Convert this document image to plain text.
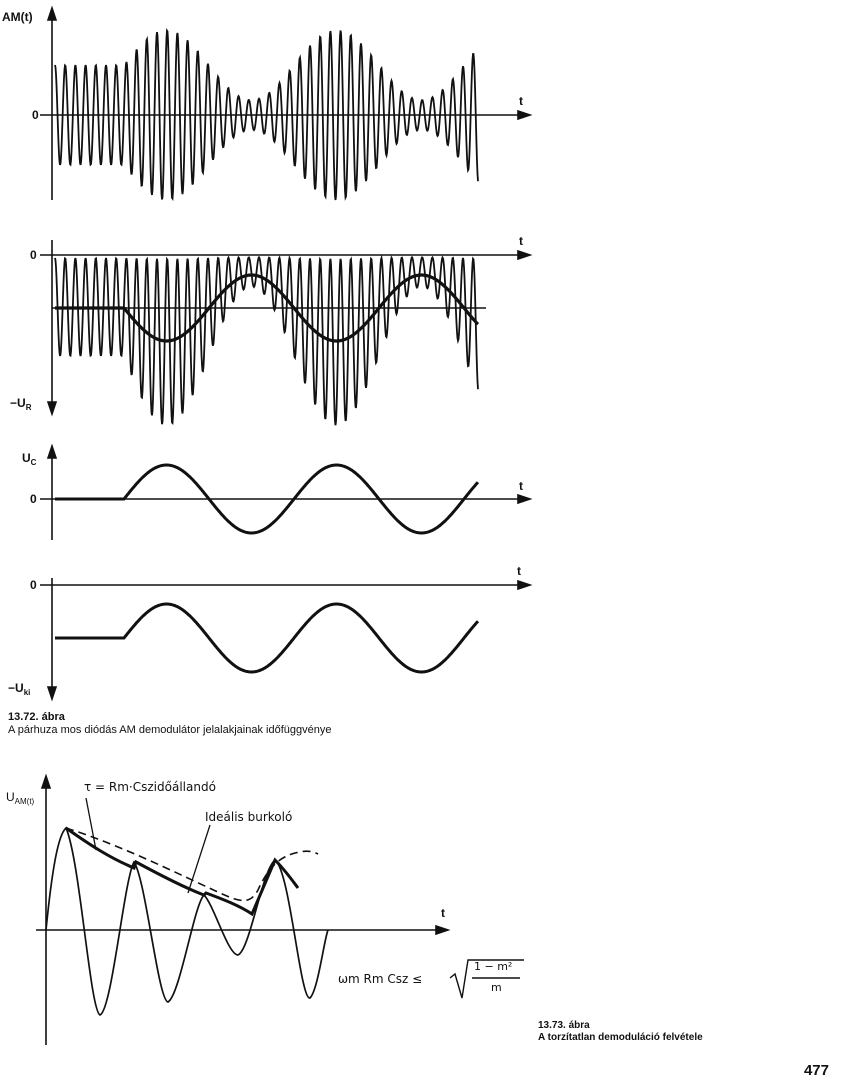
AM(t)
0
t
0
t
$-U_R$
$U_C$
0
t
0
t
$-U_{ki}$
13.72. ábra
A párhuza mos diódás AM demodulátor jelalakjainak időfüggvénye
$U_{AM(t)}$
t
τ = Rm·Cszidőállandó
Ideális burkoló
ωm Rm Csz ≤
1 − m²
m
13.73. ábra
A torzítatlan demoduláció felvétele
477
